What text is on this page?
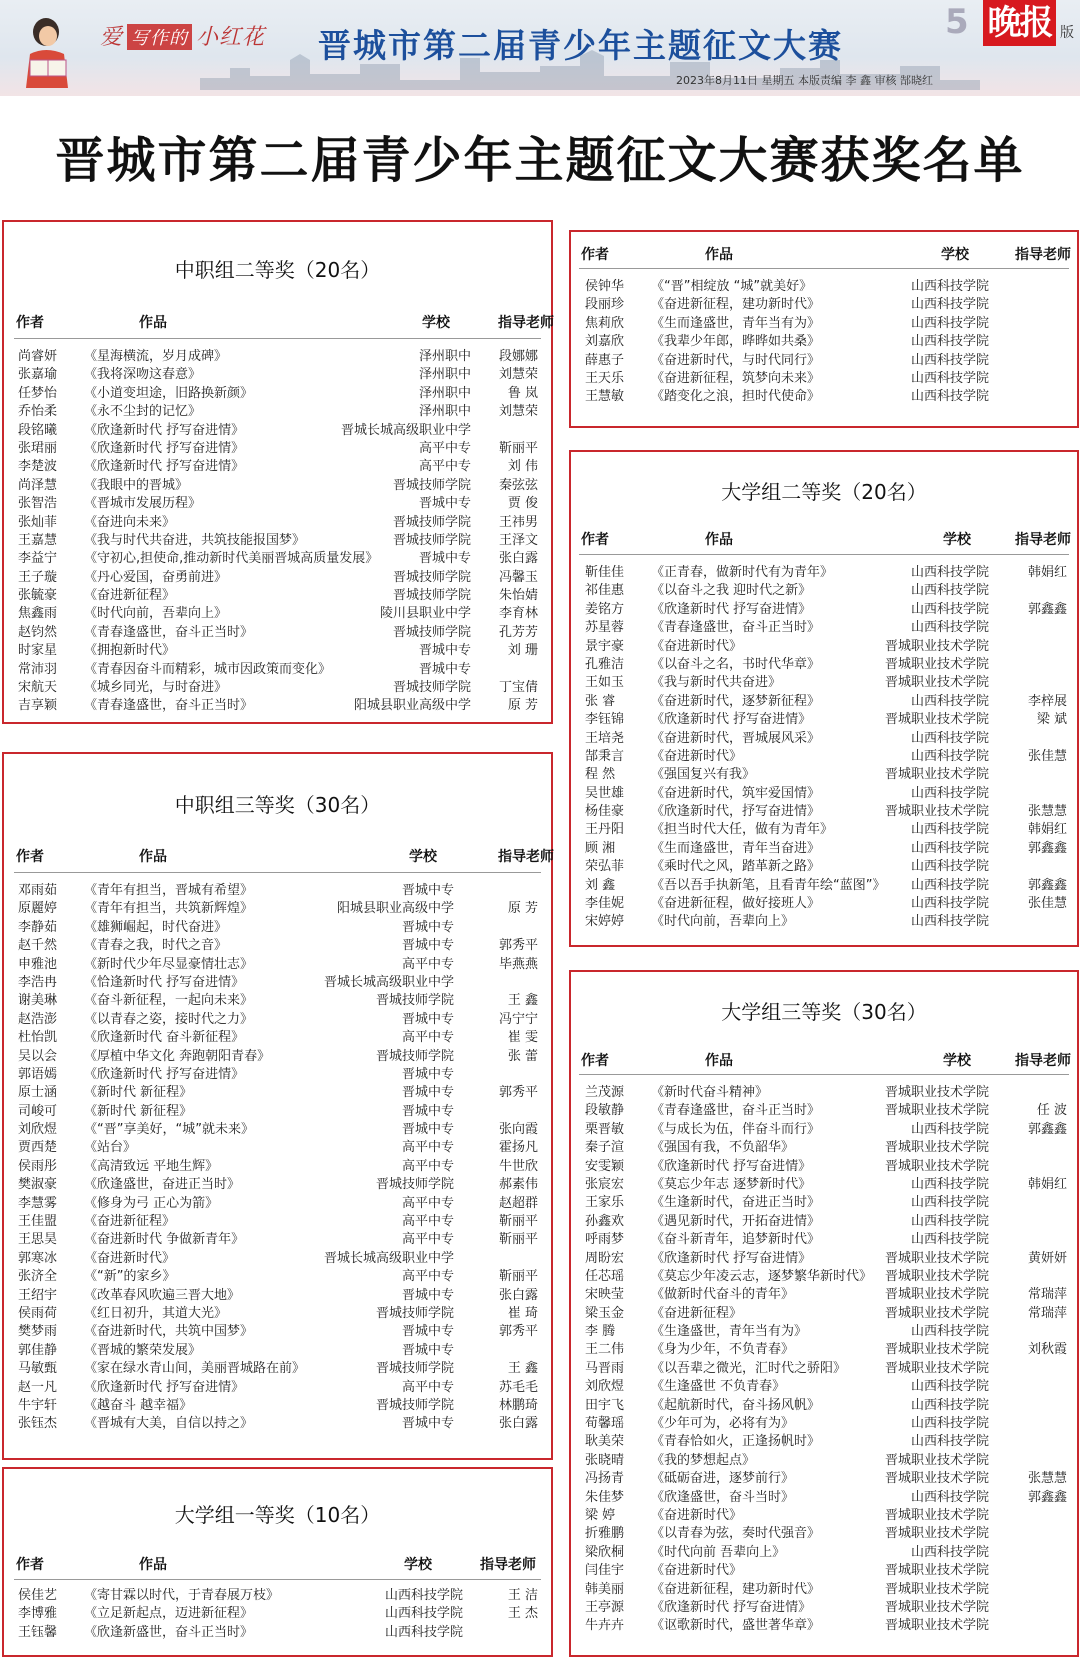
爱 写作的 小红花 晋城市第二届青少年主题征文大赛
5 晚报 版
2023年8月11日 星期五 本版责编 李 鑫 审核 郜晓红
晋城市第二届青少年主题征文大赛获奖名单
中职组二等奖（20名）
作者	作品	学校	指导老师
尚睿妍 《星海横流，岁月成碑》	泽州职中 段娜娜
张嘉瑜 《我将深吻这春意》	泽州职中 刘慧荣
任梦怡 《小道变坦途，旧路换新颜》	泽州职中	鲁 岚
乔怡柔 《永不尘封的记忆》	泽州职中 刘慧荣
段铭曦 《欣逢新时代 抒写奋进情》	晋城长城高级职业中学
张珺丽 《欣逢新时代 抒写奋进情》	高平中专 靳丽平
李楚波 《欣逢新时代 抒写奋进情》	高平中专	刘 伟
尚泽慧 《我眼中的晋城》	晋城技师学院 秦弦弦
张智浩 《晋城市发展历程》	晋城中专	贾 俊
张灿菲 《奋进向未来》	晋城技师学院 王祎男
王嘉慧 《我与时代共奋进，共筑技能报国梦》	晋城技师学院 王泽文
李益宁 《守初心,担使命,推动新时代美丽晋城高质量发展》	晋城中专 张白露
王子璇 《丹心爱国，奋勇前进》	晋城技师学院 冯馨玉
张毓豪 《奋进新征程》	晋城技师学院 朱怡婧
焦鑫雨 《时代向前，吾辈向上》	陵川县职业中学 李育林
赵钧然 《青春逢盛世，奋斗正当时》	晋城技师学院 孔芳芳
时家星 《拥抱新时代》	晋城中专	刘 珊
常沛羽 《青春因奋斗而精彩，城市因政策而变化》	晋城中专
宋航天 《城乡同光，与时奋进》	晋城技师学院 丁宝倩
吉享颖 《青春逢盛世，奋斗正当时》	阳城县职业高级中学	原 芳
中职组三等奖（30名）
作者	作品	学校	指导老师
邓雨茹 《青年有担当，晋城有希望》	晋城中专
原麗婷 《青年有担当，共筑新辉煌》	阳城县职业高级中学	原 芳
李静茹 《雄狮崛起，时代奋进》	晋城中专
赵千然 《青春之我，时代之音》	晋城中专	郭秀平
申雅池 《新时代少年尽显豪情壮志》	高平中专	毕燕燕
李浩冉 《恰逢新时代 抒写奋进情》	晋城长城高级职业中学
谢美琳 《奋斗新征程，一起向未来》	晋城技师学院	王 鑫
赵浩澎 《以青春之姿，接时代之力》	晋城中专	冯宁宁
杜怡凯 《欣逢新时代 奋斗新征程》	高平中专	崔 雯
吴以会 《厚植中华文化 奔跑朝阳青春》	晋城技师学院	张 蕾
郭语嫣 《欣逢新时代 抒写奋进情》	晋城中专
原士涵 《新时代 新征程》	晋城中专	郭秀平
司峻可 《新时代 新征程》	晋城中专
刘欣煜 《“晋”享美好，“城”就未来》	晋城中专	张向霞
贾西楚 《站台》	高平中专	霍扬凡
侯雨彤 《高清致远 平地生辉》	高平中专	牛世欣
樊淑豪 《欣逢盛世，奋进正当时》	晋城技师学院	郝素伟
李慧雾 《修身为弓 正心为箭》	高平中专	赵超群
王佳盟 《奋进新征程》	高平中专	靳丽平
王思昊 《奋进新时代 争做新青年》	高平中专	靳丽平
郭寒冰 《奋进新时代》	晋城长城高级职业中学
张济全 《“新”的家乡》	高平中专	靳丽平
王绍宇 《改革春风吹遍三晋大地》	晋城中专	张白露
侯雨荷 《红日初升，其道大光》	晋城技师学院	崔 琦
樊梦雨 《奋进新时代，共筑中国梦》	晋城中专	郭秀平
郭佳静 《晋城的繁荣发展》	晋城中专
马敏甄 《家在绿水青山间，美丽晋城路在前》	晋城技师学院	王 鑫
赵一凡 《欣逢新时代 抒写奋进情》	高平中专	苏毛毛
牛宇轩 《越奋斗 越幸福》	晋城技师学院	林鹏琦
张钰杰 《晋城有大美，自信以持之》	晋城中专	张白露
大学组一等奖（10名）
作者	作品	学校	指导老师
侯佳艺 《寄甘霖以时代，于青春展万枝》	山西科技学院	王 洁
李博雅 《立足新起点，迈进新征程》	山西科技学院	王 杰
王钰馨 《欣逢新盛世，奋斗正当时》	山西科技学院
作者	作品	学校	指导老师
侯钟华 《“晋”相绽放 “城”就美好》	山西科技学院
段丽珍 《奋进新征程，建功新时代》	山西科技学院
焦莉欣 《生而逢盛世，青年当有为》	山西科技学院
刘嘉欣 《我辈少年郎，晔晔如共桑》	山西科技学院
薛惠子 《奋进新时代，与时代同行》	山西科技学院
王天乐 《奋进新征程，筑梦向未来》	山西科技学院
王慧敏 《踏变化之浪，担时代使命》	山西科技学院
大学组二等奖（20名）
作者	作品	学校	指导老师
靳佳佳 《正青春，做新时代有为青年》	山西科技学院	韩娟红
祁佳惠 《以奋斗之我 迎时代之新》	山西科技学院
姜铭方 《欣逢新时代 抒写奋进情》	山西科技学院	郭鑫鑫
苏星蓉 《青春逢盛世，奋斗正当时》	山西科技学院
景宇豪 《奋进新时代》	晋城职业技术学院
孔雅洁 《以奋斗之名，书时代华章》	晋城职业技术学院
王如玉 《我与新时代共奋进》	晋城职业技术学院
张 睿	《奋进新时代，逐梦新征程》	山西科技学院	李梓展
李钰锦 《欣逢新时代 抒写奋进情》	晋城职业技术学院	梁 斌
王培尧 《奋进新时代，晋城展风采》	山西科技学院
郜秉言 《奋进新时代》	山西科技学院	张佳慧
程 然	《强国复兴有我》	晋城职业技术学院
吴世雄 《奋进新时代，筑牢爱国情》	山西科技学院
杨佳豪 《欣逢新时代，抒写奋进情》	晋城职业技术学院	张慧慧
王丹阳 《担当时代大任，做有为青年》	山西科技学院	韩娟红
顾 湘	《生而逢盛世，青年当奋进》	山西科技学院	郭鑫鑫
荣弘菲 《乘时代之风，踏革新之路》	山西科技学院
刘 鑫	《吾以吾手执新笔，且看青年绘“蓝图”》 山西科技学院	郭鑫鑫
李佳妮 《奋进新征程，做好接班人》	山西科技学院	张佳慧
宋婷婷 《时代向前，吾辈向上》	山西科技学院
大学组三等奖（30名）
作者	作品	学校	指导老师
兰茂源 《新时代奋斗精神》	晋城职业技术学院
段敏静 《青春逢盛世，奋斗正当时》	晋城职业技术学院	任 波
栗晋敏 《与成长为伍，伴奋斗而行》	山西科技学院	郭鑫鑫
秦子渲 《强国有我，不负韶华》	晋城职业技术学院
安雯颖 《欣逢新时代 抒写奋进情》	晋城职业技术学院
张宸宏 《莫忘少年志 逐梦新时代》	山西科技学院	韩娟红
王家乐 《生逢新时代，奋进正当时》	山西科技学院
孙鑫欢 《遇见新时代，开拓奋进情》	山西科技学院
呼雨梦 《奋斗新青年，追梦新时代》	山西科技学院
周盼宏 《欣逢新时代 抒写奋进情》	晋城职业技术学院	黄妍妍
任芯瑶 《莫忘少年凌云志，逐梦繁华新时代》 晋城职业技术学院
宋映莹 《做新时代奋斗的青年》	晋城职业技术学院	常瑞萍
梁玉金 《奋进新征程》	晋城职业技术学院	常瑞萍
李 腾	《生逢盛世，青年当有为》	山西科技学院
王二伟 《身为少年，不负青春》	晋城职业技术学院	刘秋霞
马晋雨 《以吾辈之微光，汇时代之骄阳》	晋城职业技术学院
刘欣煜 《生逢盛世 不负青春》	山西科技学院
田宇飞 《起航新时代，奋斗扬风帆》	山西科技学院
荀馨瑶 《少年可为，必将有为》	山西科技学院
耿美荣 《青春恰如火，正逢扬帆时》	山西科技学院
张晓晴 《我的梦想起点》	晋城职业技术学院
冯扬青 《砥砺奋进，逐梦前行》	晋城职业技术学院	张慧慧
朱佳梦 《欣逢盛世，奋斗当时》	山西科技学院	郭鑫鑫
梁 婷	《奋进新时代》	晋城职业技术学院
折雅鹏 《以青春为弦，奏时代强音》	晋城职业技术学院
梁欣桐 《时代向前 吾辈向上》	山西科技学院
闫佳宇 《奋进新时代》	晋城职业技术学院
韩美丽 《奋进新征程，建功新时代》	晋城职业技术学院
王亭源 《欣逢新时代 抒写奋进情》	晋城职业技术学院
牛卉卉 《讴歌新时代，盛世著华章》	晋城职业技术学院
